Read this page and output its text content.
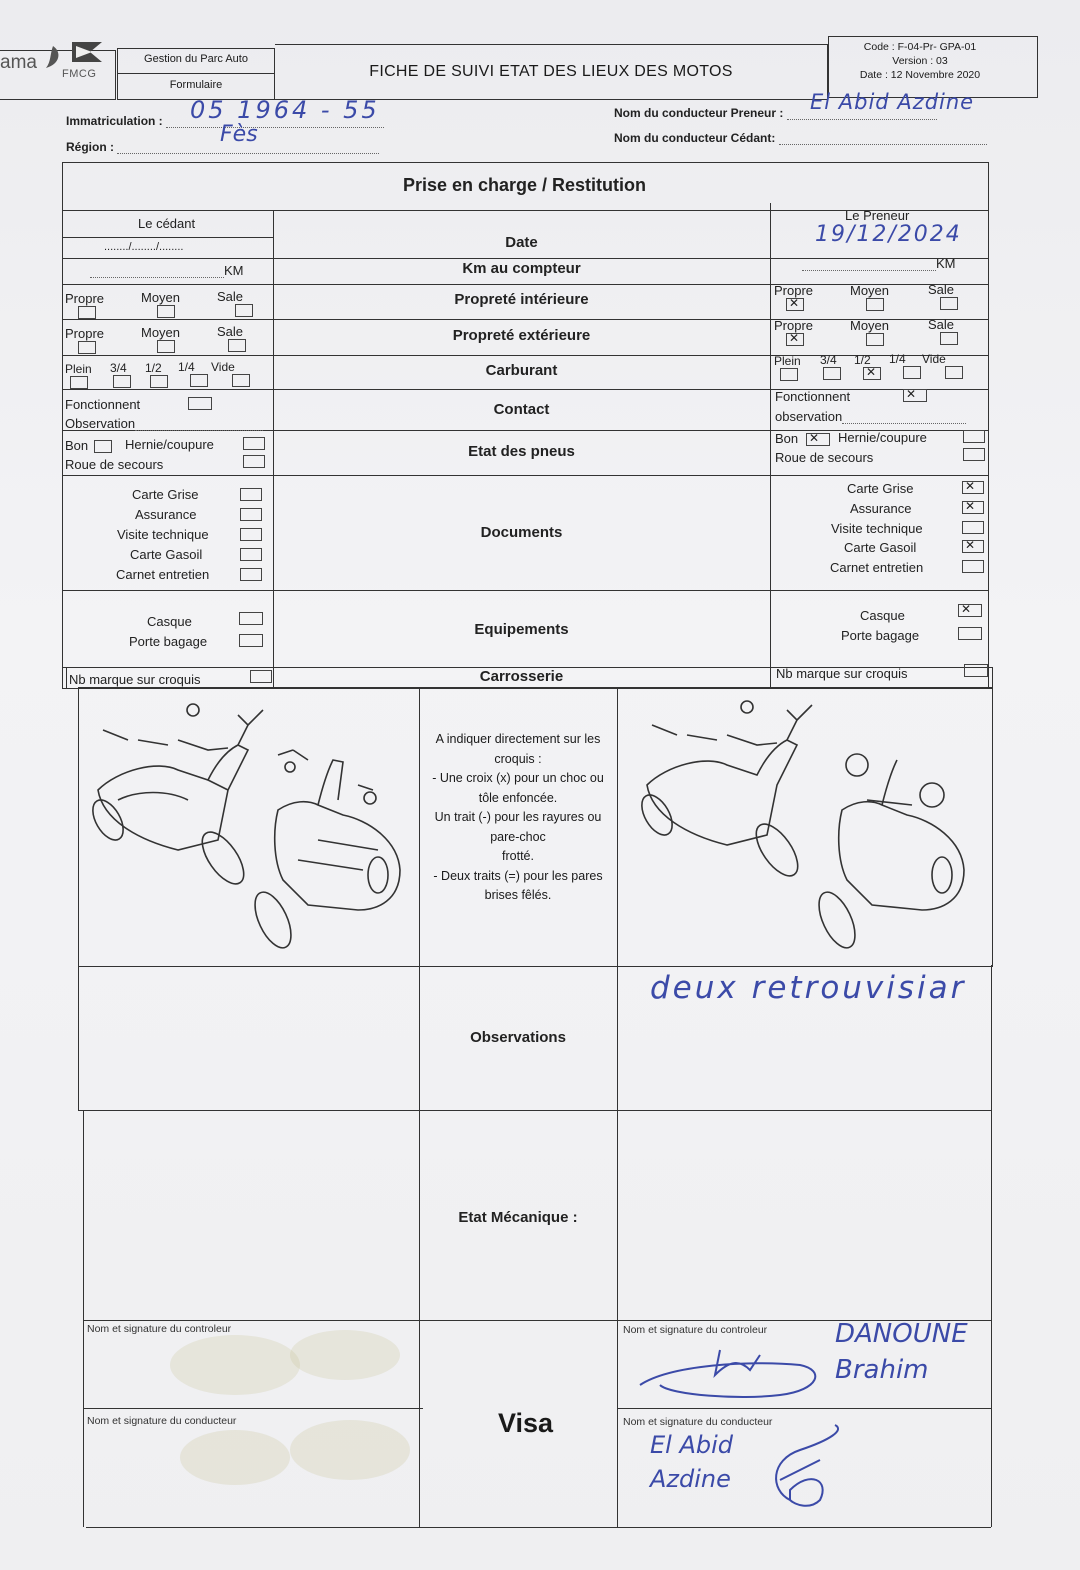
ama
FMCG
Gestion du Parc Auto
Formulaire
FICHE DE SUIVI ETAT DES LIEUX DES MOTOS
Code : F-04-Pr- GPA-01
Version : 03
Date : 12 Novembre 2020
Immatriculation :	05 1964 - 55
Région :	Fès
Nom du conducteur Preneur :	El Abid Azdine
Nom du conducteur Cédant:
Prise en charge / Restitution
Le cédant
Le Preneur
......../......../........	Date	19/12/2024
KM	Km au compteur	KM
Propre	Moyen	Sale	Propreté intérieure
Propre
✕	Moyen	Sale
Propre	Moyen	Sale	Propreté extérieure
Propre
✕	Moyen	Sale
Plein 3/4 1/2 1/4 Vide	Carburant
Plein 3/4 1/2
✕ 1/4 Vide
Fonctionnent
Observation
Contact
Fonctionnent
✕
observation
Bon	Hernie/coupure
Roue de secours
Etat des pneus
Bon
✕	Hernie/coupure
Roue de secours
Carte Grise
Assurance
Visite technique
Carte Gasoil
Carnet entretien
Documents
Carte Grise
✕
Assurance
✕
Visite technique
Carte Gasoil
✕
Carnet entretien
Casque
Porte bagage
Equipements
Casque
✕
Porte bagage
Nb marque sur croquis	Carrosserie	Nb marque sur croquis
A indiquer directement sur les
croquis :
- Une croix (x) pour un choc ou
tôle enfoncée.
Un trait (-) pour les rayures ou
pare-choc
frotté.
- Deux traits (=) pour les pares
brises fêlés.
Observations
deux retrouvisiar
Etat Mécanique :
Visa
Nom et signature du controleur
Nom et signature du conducteur
Nom et signature du controleur
Nom et signature du conducteur
DANOUNE Brahim
El Abid Azdine
